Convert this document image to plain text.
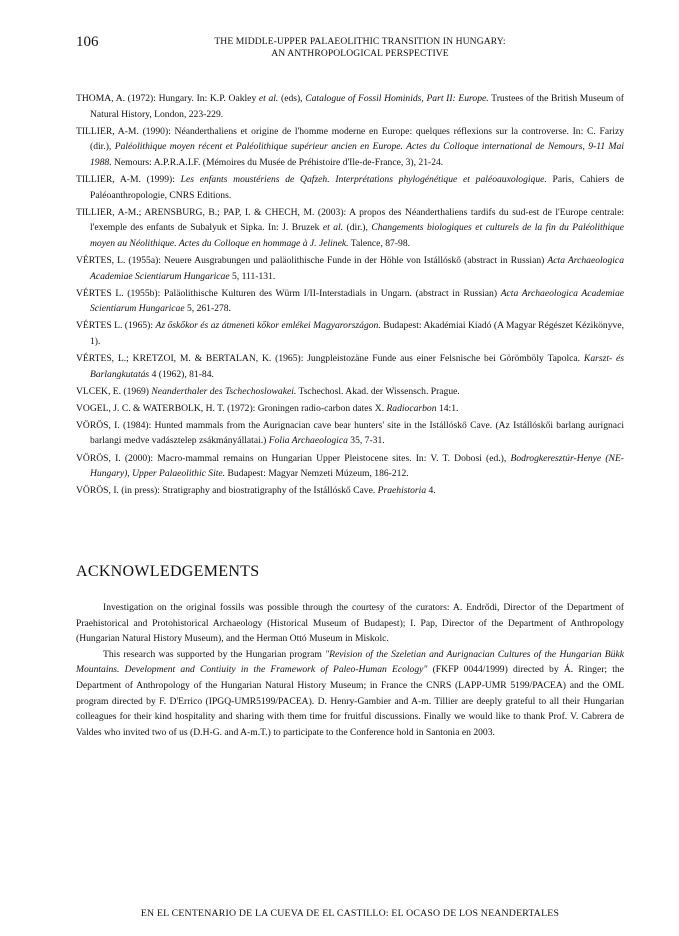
106	THE MIDDLE-UPPER PALAEOLITHIC TRANSITION IN HUNGARY:
AN ANTHROPOLOGICAL PERSPECTIVE

THOMA, A. (1972): Hungary. In: K.P. Oakley et al. (eds), Catalogue of Fossil Hominids, Part II: Europe. Trustees of the British Museum of Natural History, London, 223-229.

TILLIER, A-M. (1990): Néanderthaliens et origine de l'homme moderne en Europe: quelques réflexions sur la controverse. In: C. Farizy (dir.), Paléolithique moyen récent et Paléolithique supérieur ancien en Europe. Actes du Colloque international de Nemours, 9-11 Mai 1988. Nemours: A.P.R.A.I.F. (Mémoires du Musée de Préhistoire d'Ile-de-France, 3), 21-24.

TILLIER, A-M. (1999): Les enfants moustériens de Qafzeh. Interprétations phylogénétique et paléoauxologique. Paris, Cahiers de Paléoanthropologie, CNRS Editions.

TILLIER, A-M.; ARENSBURG, B.; PAP, I. & CHECH, M. (2003): A propos des Néanderthaliens tardifs du sud-est de l'Europe centrale: l'exemple des enfants de Subalyuk et Sipka. In: J. Bruzek et al. (dir.), Changements biologiques et culturels de la fin du Paléolithique moyen au Néolithique. Actes du Colloque en hommage à J. Jelinek. Talence, 87-98.

VÉRTES, L. (1955a): Neuere Ausgrabungen und paläolithische Funde in der Höhle von Istállóskő (abstract in Russian) Acta Archaeologica Academiae Scientiarum Hungaricae 5, 111-131.

VÉRTES L. (1955b): Paläolithische Kulturen des Würm I/II-Interstadials in Ungarn. (abstract in Russian) Acta Archaeologica Academiae Scientiarum Hungaricae 5, 261-278.

VÉRTES L. (1965): Az őskőkor és az átmeneti kőkor emlékei Magyarországon. Budapest: Akadémiai Kiadó (A Magyar Régészet Kézikönyve, 1).

VÉRTES, L.; KRETZOI, M. & BERTALAN, K. (1965): Jungpleistozäne Funde aus einer Felsnische bei Görömböly Tapolca. Karszt- és Barlangkutatás 4 (1962), 81-84.

VLCEK, E. (1969) Neanderthaler des Tschechoslowakei. Tschechosl. Akad. der Wissensch. Prague.

VOGEL, J. C. & WATERBOLK, H. T. (1972): Groningen radio-carbon dates X. Radiocarbon 14:1.

VÖRÖS, I. (1984): Hunted mammals from the Aurignacian cave bear hunters' site in the Istállóskő Cave. (Az Istállóskői barlang aurignaci barlangi medve vadásztelep zsákmányállatai.) Folia Archaeologica 35, 7-31.

VÖRÖS, I. (2000): Macro-mammal remains on Hungarian Upper Pleistocene sites. In: V. T. Dobosi (ed.), Bodrogkeresztúr-Henye (NE-Hungary), Upper Palaeolithic Site. Budapest: Magyar Nemzeti Múzeum, 186-212.

VÖRÖS, I. (in press): Stratigraphy and biostratigraphy of the Istállóskő Cave. Praehistoria 4.

ACKNOWLEDGEMENTS

Investigation on the original fossils was possible through the courtesy of the curators: A. Endrődi, Director of the Department of Praehistorical and Protohistorical Archaeology (Historical Museum of Budapest); I. Pap, Director of the Department of Anthropology (Hungarian Natural History Museum), and the Herman Ottó Museum in Miskolc.

This research was supported by the Hungarian program "Revision of the Szeletian and Aurignacian Cultures of the Hungarian Bükk Mountains. Development and Contiuity in the Framework of Paleo-Human Ecology" (FKFP 0044/1999) directed by Á. Ringer; the Department of Anthropology of the Hungarian Natural History Museum; in France the CNRS (LAPP-UMR 5199/PACEA) and the OML program directed by F. D'Errico (IPGQ-UMR5199/PACEA). D. Henry-Gambier and A-m. Tillier are deeply grateful to all their Hungarian colleagues for their kind hospitality and sharing with them time for fruitful discussions. Finally we would like to thank Prof. V. Cabrera de Valdes who invited two of us (D.H-G. and A-m.T.) to participate to the Conference hold in Santonia en 2003.

EN EL CENTENARIO DE LA CUEVA DE EL CASTILLO: EL OCASO DE LOS NEANDERTALES
